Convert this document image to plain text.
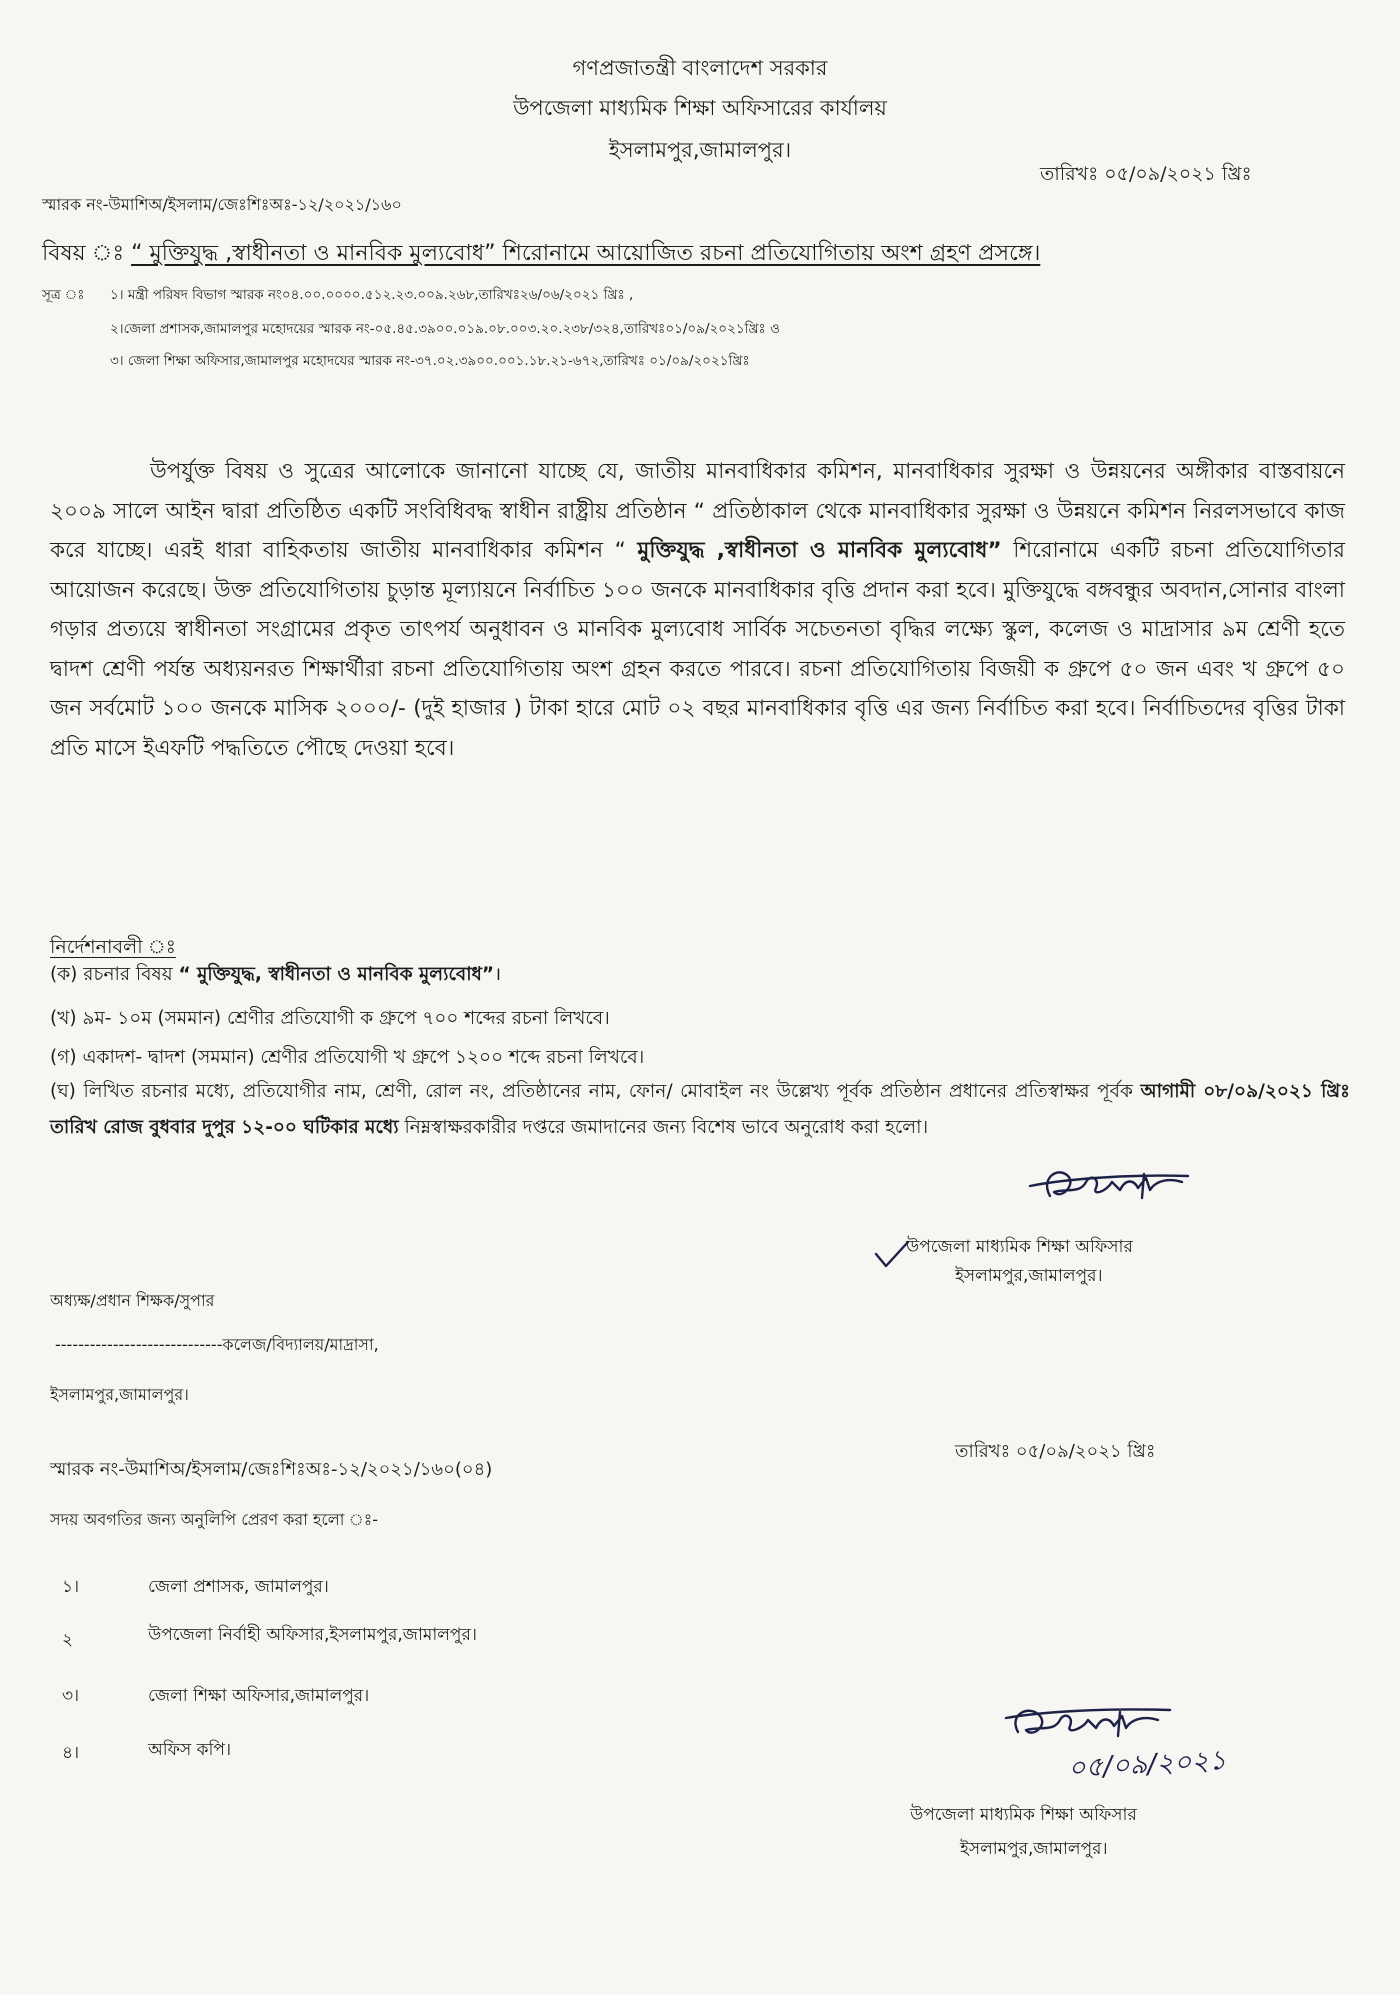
গণপ্রজাতন্ত্রী বাংলাদেশ সরকার
উপজেলা মাধ্যমিক শিক্ষা অফিসারের কার্যালয়
ইসলামপুর,জামালপুর।
তারিখঃ ০৫/০৯/২০২১ খ্রিঃ
স্মারক নং-উমাশিঅ/ইসলাম/জেঃশিঃঅঃ-১২/২০২১/১৬০
বিষয় ঃ “ মুক্তিযুদ্ধ ,স্বাধীনতা ও মানবিক মুল্যবোধ” শিরোনামে আয়োজিত রচনা প্রতিযোগিতায় অংশ গ্রহণ প্রসঙ্গে।
সূত্র ঃ ১। মন্ত্রী পরিষদ বিভাগ স্মারক নং০৪.০০.০০০০.৫১২.২৩.০০৯.২৬৮,তারিখঃ২৬/০৬/২০২১ খ্রিঃ ,
২।জেলা প্রশাসক,জামালপুর মহোদয়ের স্মারক নং-০৫.৪৫.৩৯০০.০১৯.০৮.০০৩.২০.২৩৮/৩২৪,তারিখঃ০১/০৯/২০২১খ্রিঃ ও
৩। জেলা শিক্ষা অফিসার,জামালপুর মহোদযের স্মারক নং-৩৭.০২.৩৯০০.০০১.১৮.২১-৬৭২,তারিখঃ ০১/০৯/২০২১খ্রিঃ
উপর্যুক্ত বিষয় ও সুত্রের আলোকে জানানো যাচ্ছে যে, জাতীয় মানবাধিকার কমিশন, মানবাধিকার সুরক্ষা ও উন্নয়নের অঙ্গীকার বাস্তবায়নে ২০০৯ সালে আইন দ্বারা প্রতিষ্ঠিত একটি সংবিধিবদ্ধ স্বাধীন রাষ্ট্রীয় প্রতিষ্ঠান “ প্রতিষ্ঠাকাল থেকে মানবাধিকার সুরক্ষা ও উন্নয়নে কমিশন নিরলসভাবে কাজ করে যাচ্ছে। এরই ধারা বাহিকতায় জাতীয় মানবাধিকার কমিশন “ মুক্তিযুদ্ধ ,স্বাধীনতা ও মানবিক মুল্যবোধ” শিরোনামে একটি রচনা প্রতিযোগিতার আয়োজন করেছে। উক্ত প্রতিযোগিতায় চুড়ান্ত মূল্যায়নে নির্বাচিত ১০০ জনকে মানবাধিকার বৃত্তি প্রদান করা হবে। মুক্তিযুদ্ধে বঙ্গবন্ধুর অবদান,সোনার বাংলা গড়ার প্রত্যয়ে স্বাধীনতা সংগ্রামের প্রকৃত তাৎপর্য অনুধাবন ও মানবিক মুল্যবোধ সার্বিক সচেতনতা বৃদ্ধির লক্ষ্যে স্কুল, কলেজ ও মাদ্রাসার ৯ম শ্রেণী হতে দ্বাদশ শ্রেণী পর্যন্ত অধ্যয়নরত শিক্ষার্থীরা রচনা প্রতিযোগিতায় অংশ গ্রহন করতে পারবে। রচনা প্রতিযোগিতায় বিজয়ী ক গ্রুপে ৫০ জন এবং খ গ্রুপে ৫০ জন সর্বমোট ১০০ জনকে মাসিক ২০০০/- (দুই হাজার ) টাকা হারে মোট ০২ বছর মানবাধিকার বৃত্তি এর জন্য নির্বাচিত করা হবে। নির্বাচিতদের বৃত্তির টাকা প্রতি মাসে ইএফটি পদ্ধতিতে পৌছে দেওয়া হবে।
নির্দেশনাবলী ঃ
(ক) রচনার বিষয় “ মুক্তিযুদ্ধ, স্বাধীনতা ও মানবিক মুল্যবোধ”।
(খ) ৯ম- ১০ম (সমমান) শ্রেণীর প্রতিযোগী ক গ্রুপে ৭০০ শব্দের রচনা লিখবে।
(গ) একাদশ- দ্বাদশ (সমমান) শ্রেণীর প্রতিযোগী খ গ্রুপে ১২০০ শব্দে রচনা লিখবে।
(ঘ) লিখিত রচনার মধ্যে, প্রতিযোগীর নাম, শ্রেণী, রোল নং, প্রতিষ্ঠানের নাম, ফোন/ মোবাইল নং উল্লেখ্য পূর্বক প্রতিষ্ঠান প্রধানের প্রতিস্বাক্ষর পূর্বক আগামী ০৮/০৯/২০২১ খ্রিঃ তারিখ রোজ বুধবার দুপুর ১২-০০ ঘটিকার মধ্যে নিম্নস্বাক্ষরকারীর দপ্তরে জমাদানের জন্য বিশেষ ভাবে অনুরোধ করা হলো।
উপজেলা মাধ্যমিক শিক্ষা অফিসার
ইসলামপুর,জামালপুর।
অধ্যক্ষ/প্রধান শিক্ষক/সুপার
-----------------------------কলেজ/বিদ্যালয়/মাদ্রাসা,
ইসলামপুর,জামালপুর।
তারিখঃ ০৫/০৯/২০২১ খ্রিঃ
স্মারক নং-উমাশিঅ/ইসলাম/জেঃশিঃঅঃ-১২/২০২১/১৬০(০৪)
সদয় অবগতির জন্য অনুলিপি প্রেরণ করা হলো ঃ-
১।	জেলা প্রশাসক, জামালপুর।
২	উপজেলা নির্বাহী অফিসার,ইসলামপুর,জামালপুর।
৩।	জেলা শিক্ষা অফিসার,জামালপুর।
৪।	অফিস কপি।	০৫/০৯/২০২১
উপজেলা মাধ্যমিক শিক্ষা অফিসার
ইসলামপুর,জামালপুর।
